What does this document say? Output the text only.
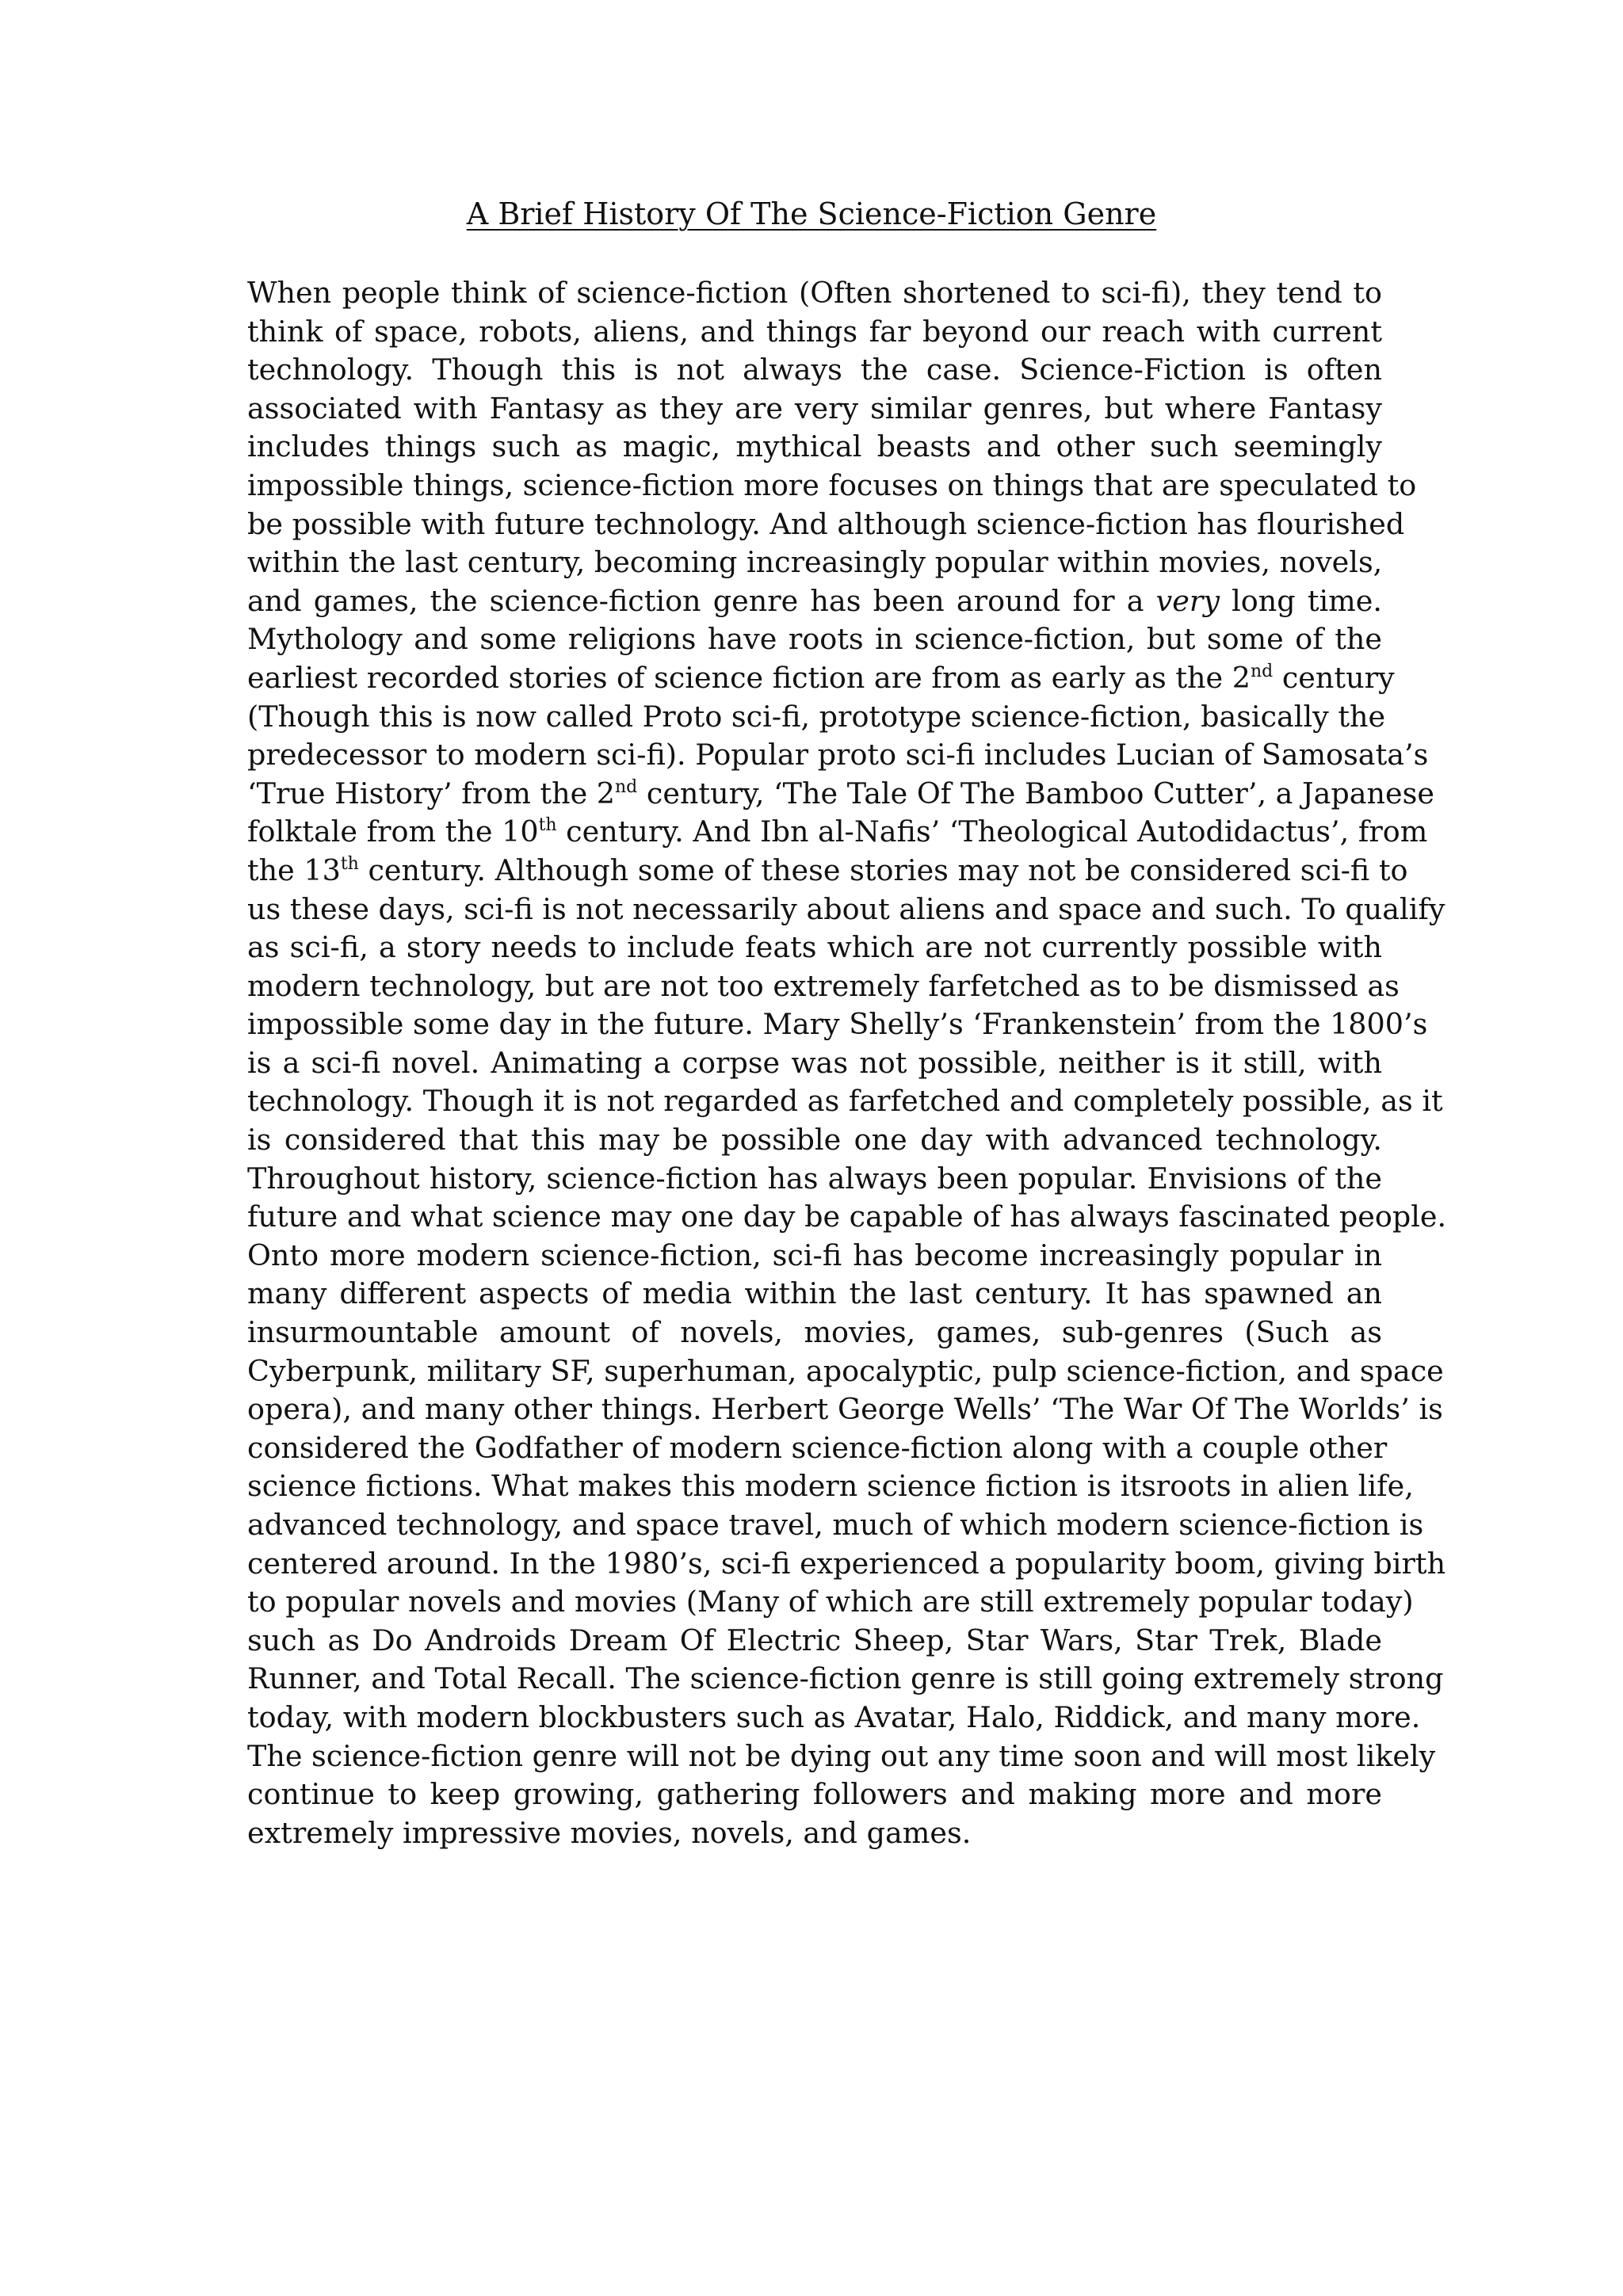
A Brief History Of The Science-Fiction Genre
When people think of science-fiction (Often shortened to sci-fi), they tend to
think of space, robots, aliens, and things far beyond our reach with current
technology. Though this is not always the case. Science-Fiction is often
associated with Fantasy as they are very similar genres, but where Fantasy
includes things such as magic, mythical beasts and other such seemingly
impossible things, science-fiction more focuses on things that are speculated to
be possible with future technology. And although science-fiction has flourished
within the last century, becoming increasingly popular within movies, novels,
and games, the science-fiction genre has been around for a very long time.
Mythology and some religions have roots in science-fiction, but some of the
earliest recorded stories of science fiction are from as early as the 2nd century
(Though this is now called Proto sci-fi, prototype science-fiction, basically the
predecessor to modern sci-fi). Popular proto sci-fi includes Lucian of Samosata’s
‘True History’ from the 2nd century, ‘The Tale Of The Bamboo Cutter’, a Japanese
folktale from the 10th century. And Ibn al-Nafis’ ‘Theological Autodidactus’, from
the 13th century. Although some of these stories may not be considered sci-fi to
us these days, sci-fi is not necessarily about aliens and space and such. To qualify
as sci-fi, a story needs to include feats which are not currently possible with
modern technology, but are not too extremely farfetched as to be dismissed as
impossible some day in the future. Mary Shelly’s ‘Frankenstein’ from the 1800’s
is a sci-fi novel. Animating a corpse was not possible, neither is it still, with
technology. Though it is not regarded as farfetched and completely possible, as it
is considered that this may be possible one day with advanced technology.
Throughout history, science-fiction has always been popular. Envisions of the
future and what science may one day be capable of has always fascinated people.
Onto more modern science-fiction, sci-fi has become increasingly popular in
many different aspects of media within the last century. It has spawned an
insurmountable amount of novels, movies, games, sub-genres (Such as
Cyberpunk, military SF, superhuman, apocalyptic, pulp science-fiction, and space
opera), and many other things. Herbert George Wells’ ‘The War Of The Worlds’ is
considered the Godfather of modern science-fiction along with a couple other
science fictions. What makes this modern science fiction is itsroots in alien life,
advanced technology, and space travel, much of which modern science-fiction is
centered around. In the 1980’s, sci-fi experienced a popularity boom, giving birth
to popular novels and movies (Many of which are still extremely popular today)
such as Do Androids Dream Of Electric Sheep, Star Wars, Star Trek, Blade
Runner, and Total Recall. The science-fiction genre is still going extremely strong
today, with modern blockbusters such as Avatar, Halo, Riddick, and many more.
The science-fiction genre will not be dying out any time soon and will most likely
continue to keep growing, gathering followers and making more and more
extremely impressive movies, novels, and games.
